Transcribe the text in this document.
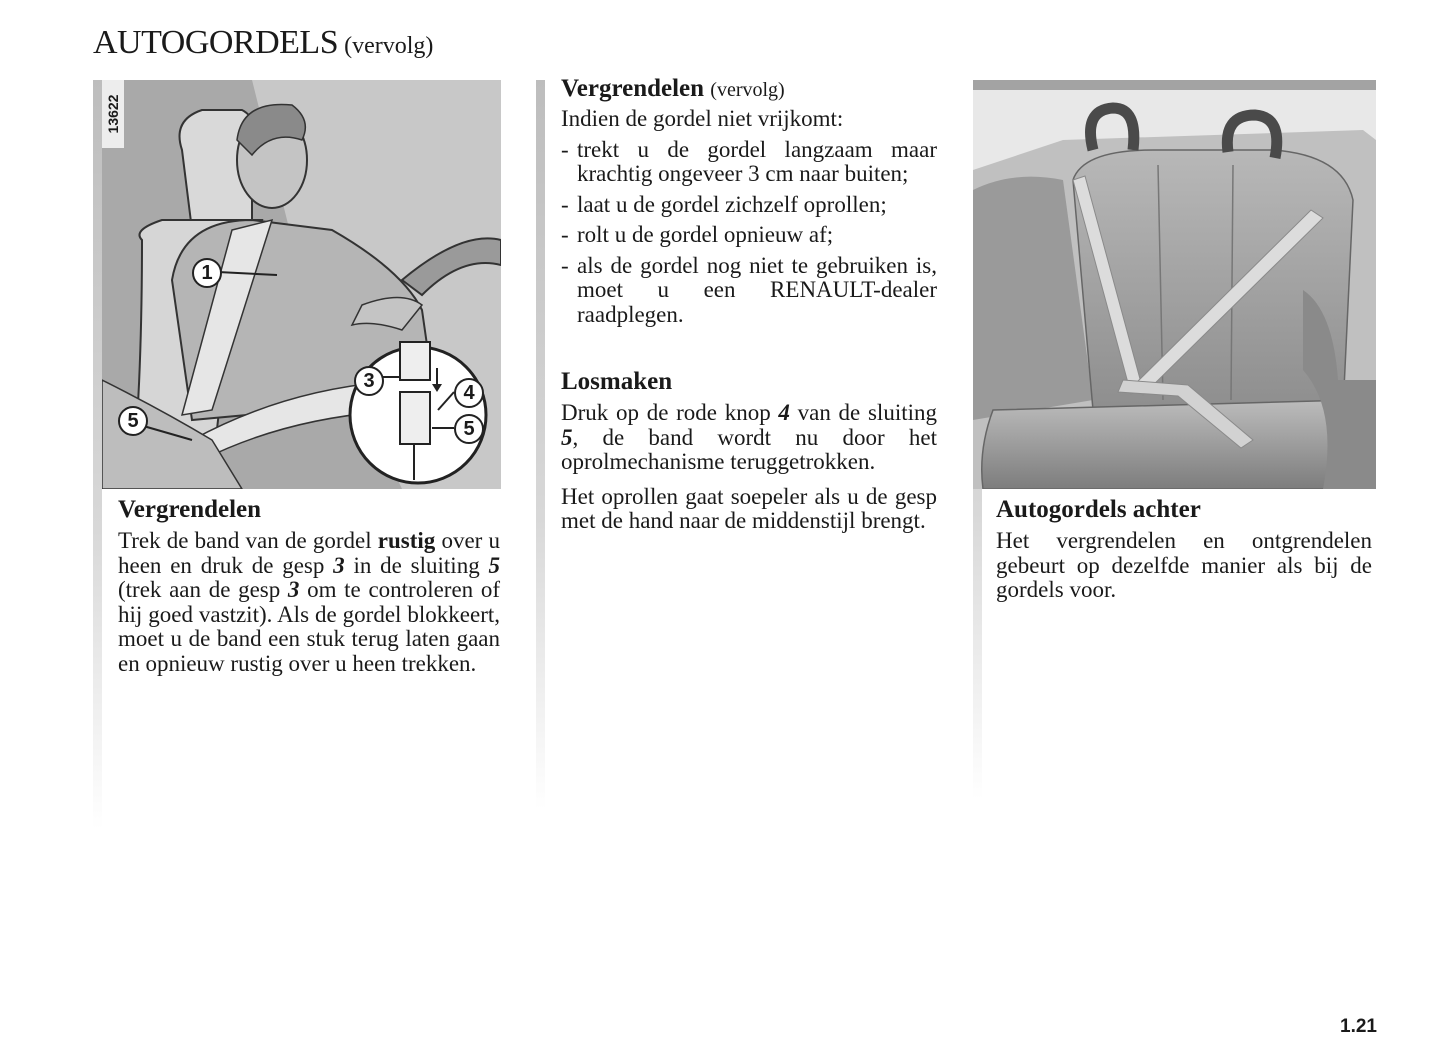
AUTOGORDELS (vervolg)
13622
1
3
4
5
5
Vergrendelen

Trek de band van de gordel rustig over u heen en druk de gesp 3 in de sluiting 5 (trek aan de gesp 3 om te controleren of hij goed vastzit). Als de gordel blokkeert, moet u de band een stuk terug laten gaan en opnieuw rustig over u heen trekken.

Vergrendelen (vervolg)

Indien de gordel niet vrijkomt:

- trekt u de gordel langzaam maar krachtig ongeveer 3 cm naar buiten;
- laat u de gordel zichzelf oprollen;
- rolt u de gordel opnieuw af;
- als de gordel nog niet te gebruiken is, moet u een RENAULT-dealer raadplegen.
Losmaken

Druk op de rode knop 4 van de sluiting 5, de band wordt nu door het oprolmechanisme teruggetrokken.

Het oprollen gaat soepeler als u de gesp met de hand naar de middenstijl brengt.	Autogordels achter

Het vergrendelen en ontgrendelen gebeurt op dezelfde manier als bij de gordels voor.

1.21
